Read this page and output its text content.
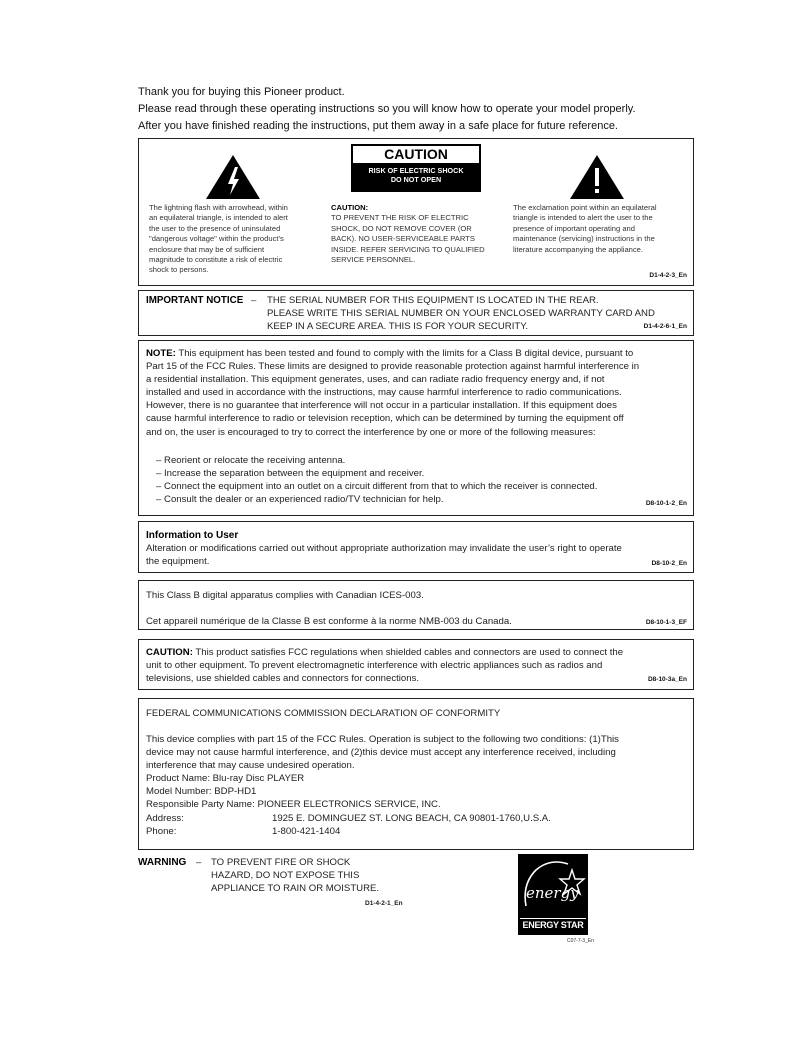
Thank you for buying this Pioneer product.
Please read through these operating instructions so you will know how to operate your model properly.
After you have finished reading the instructions, put them away in a safe place for future reference.
CAUTION
RISK OF ELECTRIC SHOCK
DO NOT OPEN
The lightning flash with arrowhead, within
an equilateral triangle, is intended to alert
the user to the presence of uninsulated
"dangerous voltage" within the product's
enclosure that may be of sufficient
magnitude to constitute a risk of electric
shock to persons.
CAUTION:
TO PREVENT THE RISK OF ELECTRIC
SHOCK, DO NOT REMOVE COVER (OR
BACK). NO USER-SERVICEABLE PARTS
INSIDE. REFER SERVICING TO QUALIFIED
SERVICE PERSONNEL.
The exclamation point within an equilateral
triangle is intended to alert the user to the
presence of important operating and
maintenance (servicing) instructions in the
literature accompanying the appliance.
D1-4-2-3_En
IMPORTANT NOTICE – THE SERIAL NUMBER FOR THIS EQUIPMENT IS LOCATED IN THE REAR.
PLEASE WRITE THIS SERIAL NUMBER ON YOUR ENCLOSED WARRANTY CARD AND
KEEP IN A SECURE AREA. THIS IS FOR YOUR SECURITY.	D1-4-2-6-1_En
NOTE: This equipment has been tested and found to comply with the limits for a Class B digital device, pursuant to
Part 15 of the FCC Rules. These limits are designed to provide reasonable protection against harmful interference in
a residential installation. This equipment generates, uses, and can radiate radio frequency energy and, if not
installed and used in accordance with the instructions, may cause harmful interference to radio communications.
However, there is no guarantee that interference will not occur in a particular installation. If this equipment does
cause harmful interference to radio or television reception, which can be determined by turning the equipment off
and on, the user is encouraged to try to correct the interference by one or more of the following measures:
– Reorient or relocate the receiving antenna.
– Increase the separation between the equipment and receiver.
– Connect the equipment into an outlet on a circuit different from that to which the receiver is connected.
– Consult the dealer or an experienced radio/TV technician for help.	D8-10-1-2_En
Information to User
Alteration or modifications carried out without appropriate authorization may invalidate the user’s right to operate
the equipment.	D8-10-2_En
This Class B digital apparatus complies with Canadian ICES-003.
Cet appareil numérique de la Classe B est conforme à la norme NMB-003 du Canada.	D8-10-1-3_EF
CAUTION: This product satisfies FCC regulations when shielded cables and connectors are used to connect the
unit to other equipment. To prevent electromagnetic interference with electric appliances such as radios and
televisions, use shielded cables and connectors for connections.	D8-10-3a_En
FEDERAL COMMUNICATIONS COMMISSION DECLARATION OF CONFORMITY
This device complies with part 15 of the FCC Rules. Operation is subject to the following two conditions: (1)This
device may not cause harmful interference, and (2)this device must accept any interference received, including
interference that may cause undesired operation.
Product Name: Blu-ray Disc PLAYER
Model Number: BDP-HD1
Responsible Party Name: PIONEER ELECTRONICS SERVICE, INC.
Address:	1925 E. DOMINGUEZ ST. LONG BEACH, CA 90801-1760,U.S.A.
Phone:	1-800-421-1404
WARNING – TO PREVENT FIRE OR SHOCK
HAZARD, DO NOT EXPOSE THIS
APPLIANCE TO RAIN OR MOISTURE.
D1-4-2-1_En
energy
ENERGY STAR
C07-7-3_En
